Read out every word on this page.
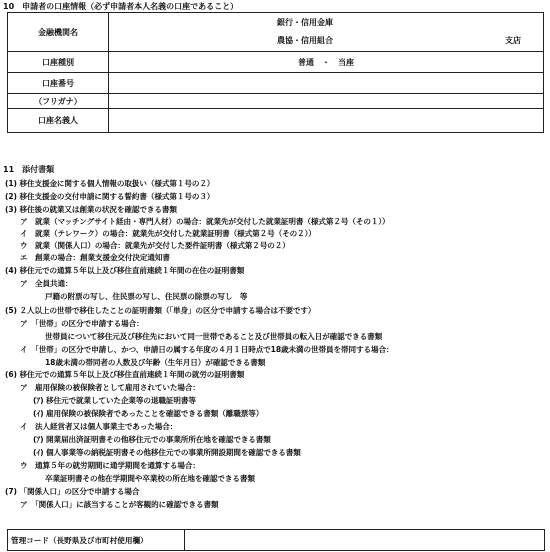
10　申請者の口座情報（必ず申請者本人名義の口座であること）
金融機関名	銀行・信用金庫
農協・信用組合 支店

口座種別	普通　・　当座
口座番号	
（フリガナ）	
口座名義人	
11　添付書類
(1) 移住支援金に関する個人情報の取扱い（様式第１号の２）
(2) 移住支援金の交付申請に関する誓約書（様式第１号の３）
(3) 移住後の就業又は創業の状況を確認できる書類
ア　就業（マッチングサイト経由・専門人材）の場合：就業先が交付した就業証明書（様式第２号（その１））
イ　就業（テレワーク）の場合：就業先が交付した就業証明書（様式第２号（その２））
ウ　就業（関係人口）の場合：就業先が交付した要件証明書（様式第２号の２）
エ　創業の場合：創業支援金交付決定通知書
(4) 移住元での通算５年以上及び移住直前連続１年間の在住の証明書類
ア　全員共通：
戸籍の附票の写し、住民票の写し、住民票の除票の写し　等
(5) ２人以上の世帯で移住したことの証明書類（「単身」の区分で申請する場合は不要です）
ア　「世帯」の区分で申請する場合：
世帯員について移住元及び移住先において同一世帯であること及び世帯員の転入日が確認できる書類
イ　「世帯」の区分で申請し、かつ、申請日の属する年度の４月１日時点で18歳未満の世帯員を帯同する場合：
18歳未満の帯同者の人数及び年齢（生年月日）が確認できる書類
(6) 移住元での通算５年以上及び移住直前連続１年間の就労の証明書類
ア　雇用保険の被保険者として雇用されていた場合：
(ｱ) 移住元で就業していた企業等の退職証明書等
(ｲ) 雇用保険の被保険者であったことを確認できる書類（離職票等）
イ　法人経営者又は個人事業主であった場合：
(ｱ) 開業届出済証明書その他移住元での事業所所在地を確認できる書類
(ｲ) 個人事業等の納税証明書その他移住元での事業所開設期間を確認できる書類
ウ　通算５年の就労期間に通学期間を通算する場合：
卒業証明書その他在学期間や卒業校の所在地を確認できる書類
(7) 「関係人口」の区分で申請する場合
ア　「関係人口」に該当することが客観的に確認できる書類
管理コード（長野県及び市町村使用欄）
